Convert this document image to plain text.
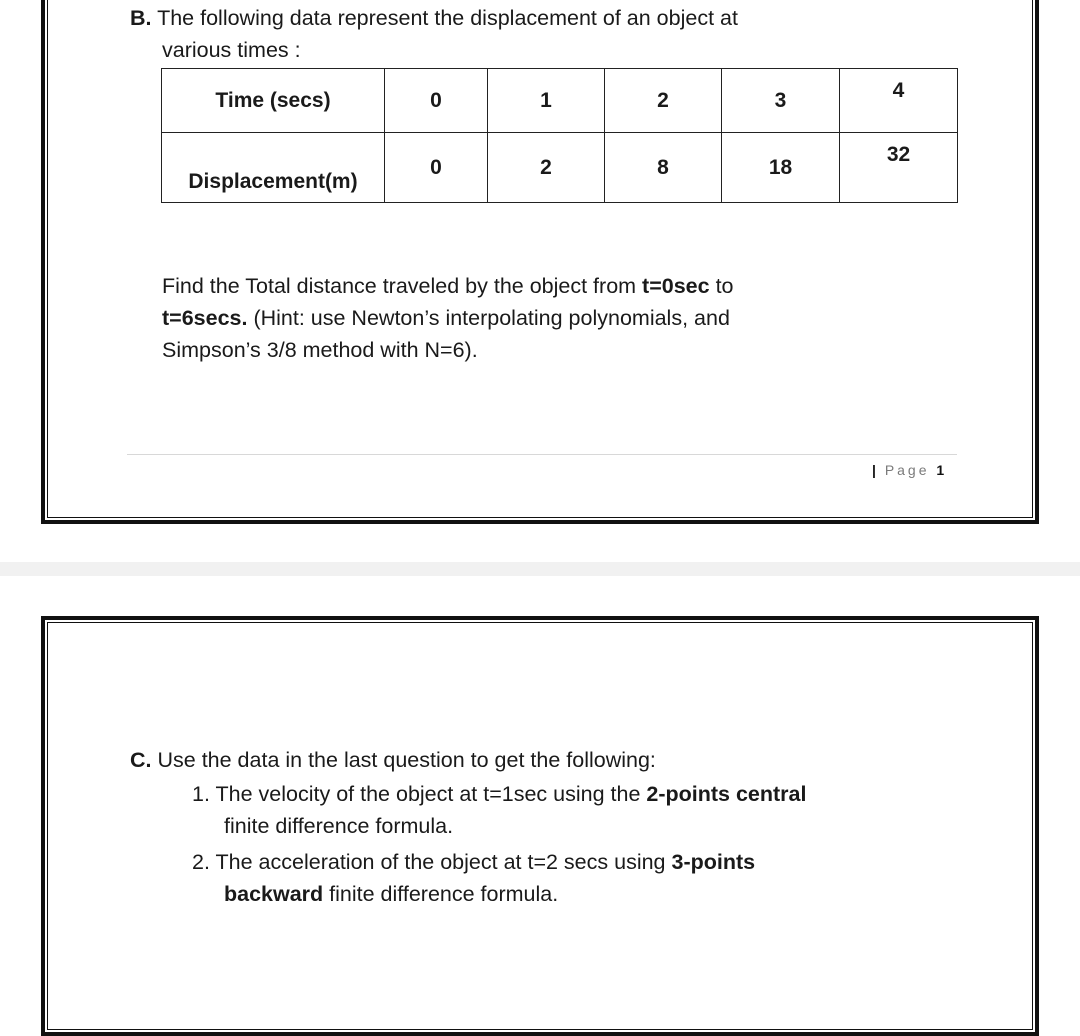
B. The following data represent the displacement of an object at
various times :
Time (secs)	0	1	2	3	4
Displacement(m)	0	2	8	18	32
Find the Total distance traveled by the object from t=0sec to
t=6secs. (Hint: use Newton’s interpolating polynomials, and
Simpson’s 3/8 method with N=6).
| Page 1
C. Use the data in the last question to get the following:
1. The velocity of the object at t=1sec using the 2-points central
finite difference formula.
2. The acceleration of the object at t=2 secs using 3-points
backward finite difference formula.
